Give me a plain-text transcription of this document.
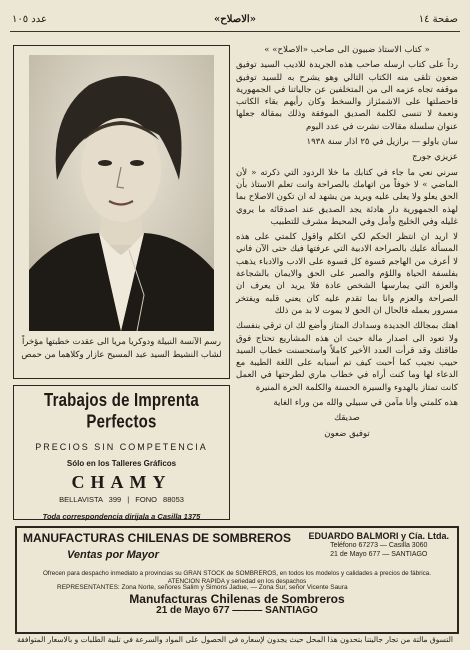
عدد ١٠٥	«الاصلاح»	صفحة ١٤
رسم الآنسة النبيلة ودوكريا مريا الى عقدت خطبتها مؤخراً لشاب النشيط السيد عبد المسيح عازار وكلاهما من حمص
Trabajos de Imprenta Perfectos
PRECIOS SIN COMPETENCIA
Sólo en los Talleres Gráficos
CHAMY
BELLAVISTA 399 | FONO 88053
Toda correspondencia dirijala a Casilla 1375

« كتاب الاستاذ ضبيون الى صاحب «الاصلاح» »

رداً على كتاب ارسله صاحب هذه الجريدة للاديب السيد توفيق ضعون تلقى منه الكتاب التالي وهو يشرح به للسيد توفيق موقفه تجاه عزمه الى من المتخلفين عن جالياتنا في الجمهورية فاحصلتها على الاشمئزاز والسخط وكان رأيهم بقاء الكاتب ونعمة لا تنسى لكلمة الصديق الموفقة وذلك بمقالة جعلها عنوان سلسلة مقالات نشرت في عدد اليوم

سان باولو — برازيل في ٢٥ اذار سنة ١٩٣٨

عزيزي جورج

سرني نعي ما جاء في كتابك ما خلا الردود التي ذكرته « لأن الماضي » لا خوفاً من اتهامك بالصراحة وانت تعلم الاستاذ بأن الحق يعلو ولا يعلى عليه ويريد من يشهد له ان تكون الاصلاح بما لهذه الجمهورية دار هادئة يجد الصديق عند اصدقائه ما يروي غليله وفي الخليج وأمل وفي المحيط مشرف للتطبيب

لا اريد ان انتظر الحكم لكي اتكلم واقول كلمتي على هذه المسألة عليك بالصراحة الادبية التي عرفتها فيك حتى الآن فاني لا أعرف من الهاجم قسوة كل قسوة على الادب والادباء يذهب بفلسفة الحياة واللؤم والصبر على الحق والايمان بالشجاعة والعزة التي يمارسها الشخص عادة فلا يريد ان يعرف ان الصراحة والعزم وانا بما تقدم عليه كان يعني قلبه ويفتخر مسرور بعمله فالحال ان الحق لا يموت لا بد من ذلك

اهتك بمجالك الجديدة وسدادك المتاز وأضع لك ان ترقي بنفسك ولا تعود الى اصدار مالة حيث ان هذه المشاريع تحتاج فوق طاقتك وقد قرأت العدد الأخير كاملاً واستحسنت خطاب السيد حبيب نجيب كما أحبت كيف تم أسبابه على اللغة الطيبة مع الدعاء لها وما كنت أراه في خطاب ماري لطرحتها في العمل كانت تمتاز بالهدوء والسيرة الحسنة والكلمة الحرة المنيرة

هذه كلمتي وأنا مآمن في سبيلي والله من وراء الغاية

صديقك

توفيق ضعون

MANUFACTURAS CHILENAS DE SOMBREROS
Ventas por Mayor
EDUARDO BALMORI y Cía. Ltda.
Teléfono 67273 — Casilla 3060
21 de Mayo 677 — SANTIAGO
Ofrecen para despacho inmediato a provincias su GRAN STOCK de SOMBREROS, en todos los modelos y calidades a precios de fábrica.
ATENCION RAPIDA y seriedad en los despachos
REPRESENTANTES: Zona Norte, señores Salim y Simons Jadue, — Zona Sur, señor Vicente Saura
Manufacturas Chilenas de Sombreros
21 de Mayo 677 ——— SANTIAGO
التسوق مالتة من تجار جاليتنا بتحدون هذا المحل حيث يجدون لإسعاره في الحصول على المواد والسرعة في تلبية الطلبات و بالاسعار المتوافقة
